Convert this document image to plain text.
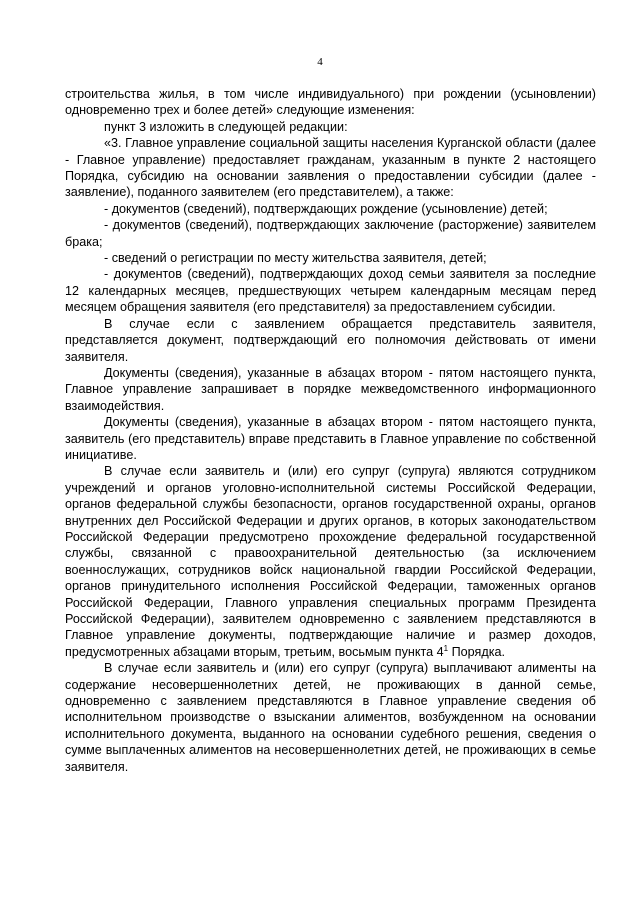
4

строительства жилья, в том числе индивидуального) при рождении (усыновлении) одновременно трех и более детей» следующие изменения:

пункт 3 изложить в следующей редакции:

«3. Главное управление социальной защиты населения Курганской области (далее - Главное управление) предоставляет гражданам, указанным в пункте 2 настоящего Порядка, субсидию на основании заявления о предоставлении субсидии (далее - заявление), поданного заявителем (его представителем), а также:

- документов (сведений), подтверждающих рождение (усыновление) детей;

- документов (сведений), подтверждающих заключение (расторжение) заявителем брака;

- сведений о регистрации по месту жительства заявителя, детей;

- документов (сведений), подтверждающих доход семьи заявителя за последние 12 календарных месяцев, предшествующих четырем календарным месяцам перед месяцем обращения заявителя (его представителя) за предоставлением субсидии.

В случае если с заявлением обращается представитель заявителя, представляется документ, подтверждающий его полномочия действовать от имени заявителя.

Документы (сведения), указанные в абзацах втором - пятом настоящего пункта, Главное управление запрашивает в порядке межведомственного информационного взаимодействия.

Документы (сведения), указанные в абзацах втором - пятом настоящего пункта, заявитель (его представитель) вправе представить в Главное управление по собственной инициативе.

В случае если заявитель и (или) его супруг (супруга) являются сотрудником учреждений и органов уголовно-исполнительной системы Российской Федерации, органов федеральной службы безопасности, органов государственной охраны, органов внутренних дел Российской Федерации и других органов, в которых законодательством Российской Федерации предусмотрено прохождение федеральной государственной службы, связанной с правоохранительной деятельностью (за исключением военнослужащих, сотрудников войск национальной гвардии Российской Федерации, органов принудительного исполнения Российской Федерации, таможенных органов Российской Федерации, Главного управления специальных программ Президента Российской Федерации), заявителем одновременно с заявлением представляются в Главное управление документы, подтверждающие наличие и размер доходов, предусмотренных абзацами вторым, третьим, восьмым пункта $4^1$ Порядка.

В случае если заявитель и (или) его супруг (супруга) выплачивают алименты на содержание несовершеннолетних детей, не проживающих в данной семье, одновременно с заявлением представляются в Главное управление сведения об исполнительном производстве о взыскании алиментов, возбужденном на основании исполнительного документа, выданного на основании судебного решения, сведения о сумме выплаченных алиментов на несовершеннолетних детей, не проживающих в семье заявителя.
